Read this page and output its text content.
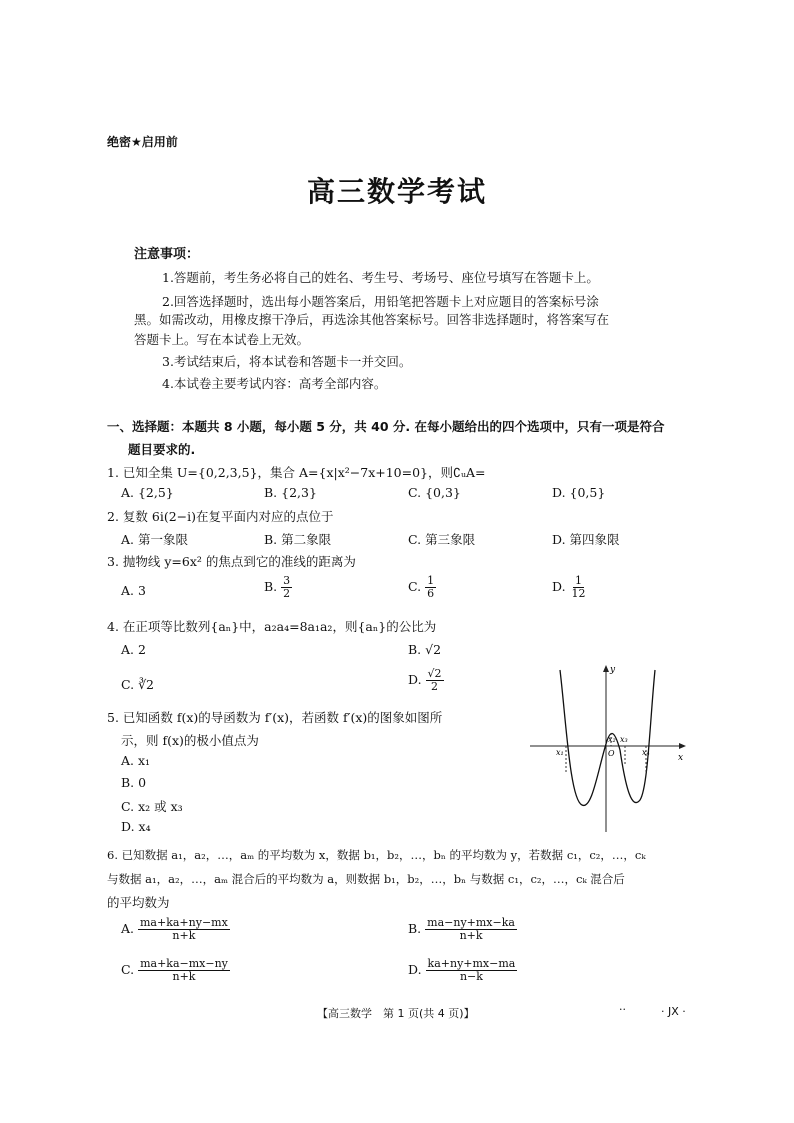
绝密★启用前
高三数学考试
注意事项：
1.答题前，考生务必将自己的姓名、考生号、考场号、座位号填写在答题卡上。
2.回答选择题时，选出每小题答案后，用铅笔把答题卡上对应题目的答案标号涂
黑。如需改动，用橡皮擦干净后，再选涂其他答案标号。回答非选择题时，将答案写在
答题卡上。写在本试卷上无效。
3.考试结束后，将本试卷和答题卡一并交回。
4.本试卷主要考试内容：高考全部内容。
一、选择题：本题共 8 小题，每小题 5 分，共 40 分. 在每小题给出的四个选项中，只有一项是符合
题目要求的.
1. 已知全集 U={0,2,3,5}，集合 A={x|x²−7x+10=0}，则∁ᵤA=
A. {2,5}	B. {2,3}	C. {0,3}	D. {0,5}
2. 复数 6i(2−i)在复平面内对应的点位于
A. 第一象限	B. 第二象限	C. 第三象限	D. 第四象限
3. 抛物线 y=6x² 的焦点到它的准线的距离为
A. 3	B. $\frac{3}{2}$	C. $\frac{1}{6}$	D. $\frac{1}{12}$
4. 在正项等比数列{aₙ}中，a₂a₄=8a₁a₂，则{aₙ}的公比为
A. 2	B. √2
C. ∛2	D. $\frac{√2}{2}$
5. 已知函数 f(x)的导函数为 f′(x)，若函数 f′(x)的图象如图所
示，则 f(x)的极小值点为
A. x₁
B. 0
C. x₂ 或 x₃
D. x₄
y
x
O
x₁
x₂ x₃
x₄
6. 已知数据 a₁，a₂，…，aₘ 的平均数为 x，数据 b₁，b₂，…，bₙ 的平均数为 y，若数据 c₁，c₂，…，cₖ
与数据 a₁，a₂，…，aₘ 混合后的平均数为 a，则数据 b₁，b₂，…，bₙ 与数据 c₁，c₂，…，cₖ 混合后
的平均数为
A. $\frac{ma+ka+ny-mx}{n+k}$	B. $\frac{ma-ny+mx-ka}{n+k}$
C. $\frac{ma+ka-mx-ny}{n+k}$	D. $\frac{ka+ny+mx-ma}{n-k}$
【高三数学　第 1 页(共 4 页)】	··	· JX ·
